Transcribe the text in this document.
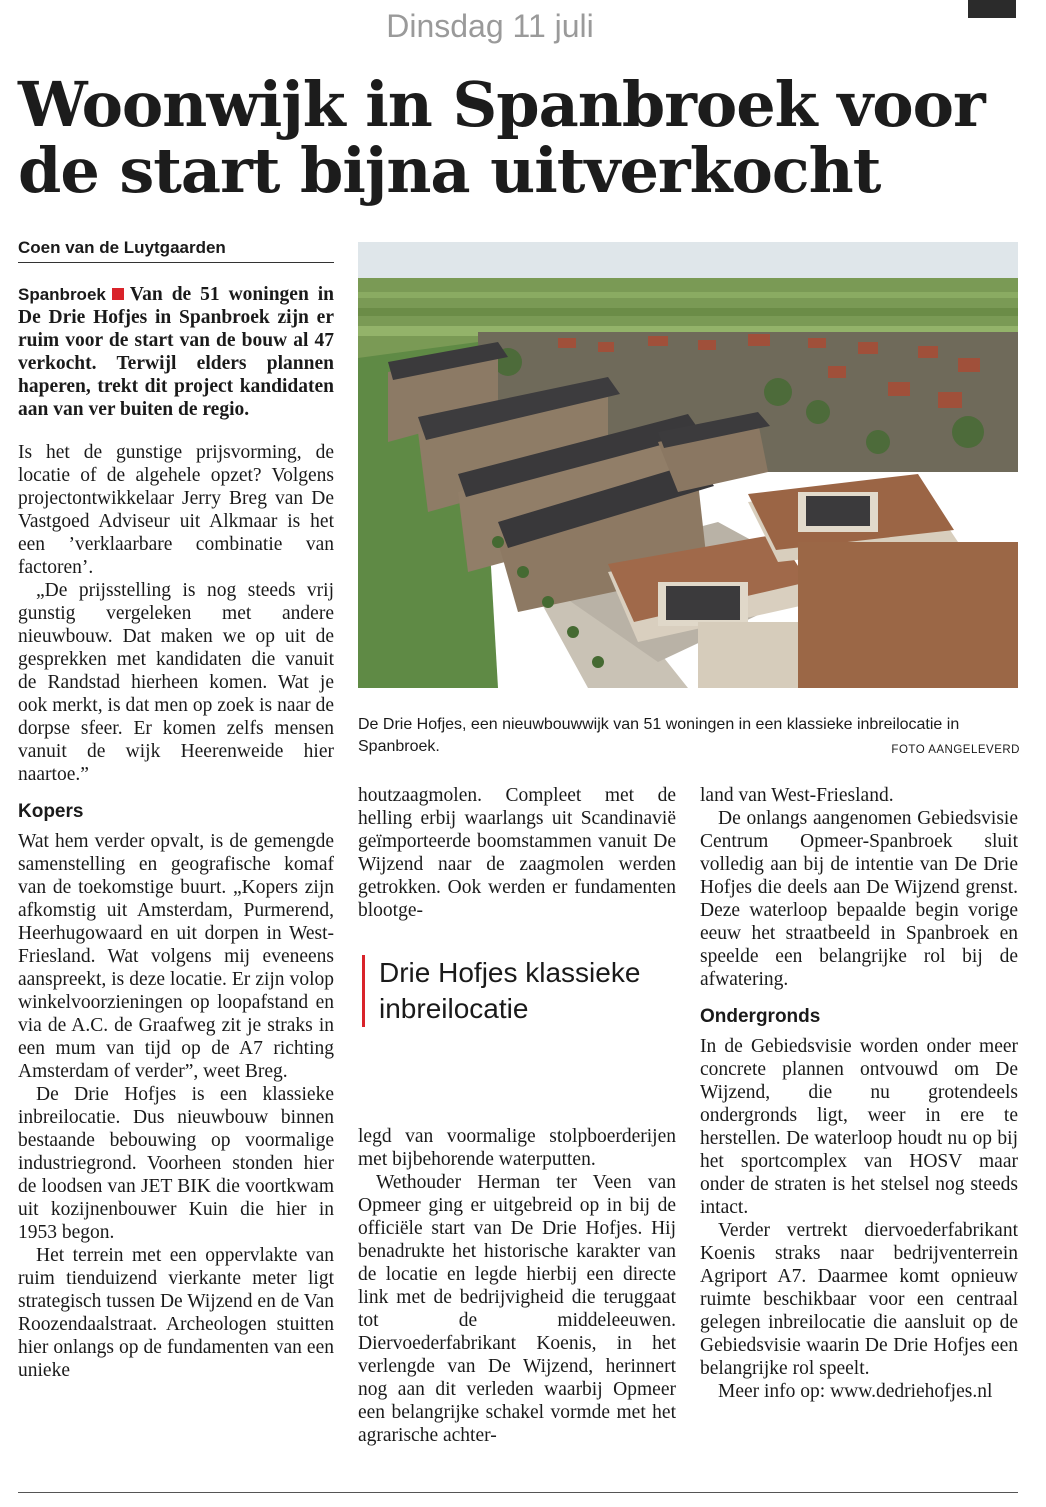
Dinsdag 11 juli
Woonwijk in Spanbroek voor
de start bijna uitverkocht
Coen van de Luytgaarden

Spanbroek Van de 51 woningen in De Drie Hofjes in Spanbroek zijn er ruim voor de start van de bouw al 47 verkocht. Terwijl elders plannen haperen, trekt dit project kandidaten aan van ver buiten de regio.

Is het de gunstige prijsvorming, de locatie of de algehele opzet? Volgens projectontwikkelaar Jerry Breg van De Vastgoed Adviseur uit Alkmaar is het een ’verklaarbare combinatie van factoren’.

„De prijsstelling is nog steeds vrij gunstig vergeleken met andere nieuwbouw. Dat maken we op uit de gesprekken met kandidaten die vanuit de Randstad hierheen komen. Wat je ook merkt, is dat men op zoek is naar de dorpse sfeer. Er komen zelfs mensen vanuit de wijk Heerenweide hier naartoe.”

Kopers

Wat hem verder opvalt, is de gemengde samenstelling en geografische komaf van de toekomstige buurt. „Kopers zijn afkomstig uit Amsterdam, Purmerend, Heerhugowaard en uit dorpen in West-Friesland. Wat volgens mij eveneens aanspreekt, is deze locatie. Er zijn volop winkelvoorzieningen op loopafstand en via de A.C. de Graafweg zit je straks in een mum van tijd op de A7 richting Amsterdam of verder”, weet Breg.

De Drie Hofjes is een klassieke inbreilocatie. Dus nieuwbouw binnen bestaande bebouwing op voormalige industriegrond. Voorheen stonden hier de loodsen van JET BIK die voortkwam uit kozijnenbouwer Kuin die hier in 1953 begon.

Het terrein met een oppervlakte van ruim tienduizend vierkante meter ligt strategisch tussen De Wijzend en de Van Roozendaalstraat. Archeologen stuitten hier onlangs op de fundamenten van een unieke

De Drie Hofjes, een nieuwbouwwijk van 51 woningen in een klassieke inbreilocatie in Spanbroek.	FOTO AANGELEVERD

houtzaagmolen. Compleet met de helling erbij waarlangs uit Scandinavië geïmporteerde boomstammen vanuit De Wijzend naar de zaagmolen werden getrokken. Ook werden er fundamenten blootge-

Drie Hofjes klassieke inbreilocatie

legd van voormalige stolpboerderijen met bijbehorende waterputten.

Wethouder Herman ter Veen van Opmeer ging er uitgebreid op in bij de officiële start van De Drie Hofjes. Hij benadrukte het historische karakter van de locatie en legde hierbij een directe link met de bedrijvigheid die teruggaat tot de middeleeuwen. Diervoederfabrikant Koenis, in het verlengde van De Wijzend, herinnert nog aan dit verleden waarbij Opmeer een belangrijke schakel vormde met het agrarische achter-

land van West-Friesland.

De onlangs aangenomen Gebiedsvisie Centrum Opmeer-Spanbroek sluit volledig aan bij de intentie van De Drie Hofjes die deels aan De Wijzend grenst. Deze waterloop bepaalde begin vorige eeuw het straatbeeld in Spanbroek en speelde een belangrijke rol bij de afwatering.

Ondergronds

In de Gebiedsvisie worden onder meer concrete plannen ontvouwd om De Wijzend, die nu grotendeels ondergronds ligt, weer in ere te herstellen. De waterloop houdt nu op bij het sportcomplex van HOSV maar onder de straten is het stelsel nog steeds intact.

Verder vertrekt diervoederfabrikant Koenis straks naar bedrijventerrein Agriport A7. Daarmee komt opnieuw ruimte beschikbaar voor een centraal gelegen inbreilocatie die aansluit op de Gebiedsvisie waarin De Drie Hofjes een belangrijke rol speelt.

Meer info op: www.dedriehofjes.nl
